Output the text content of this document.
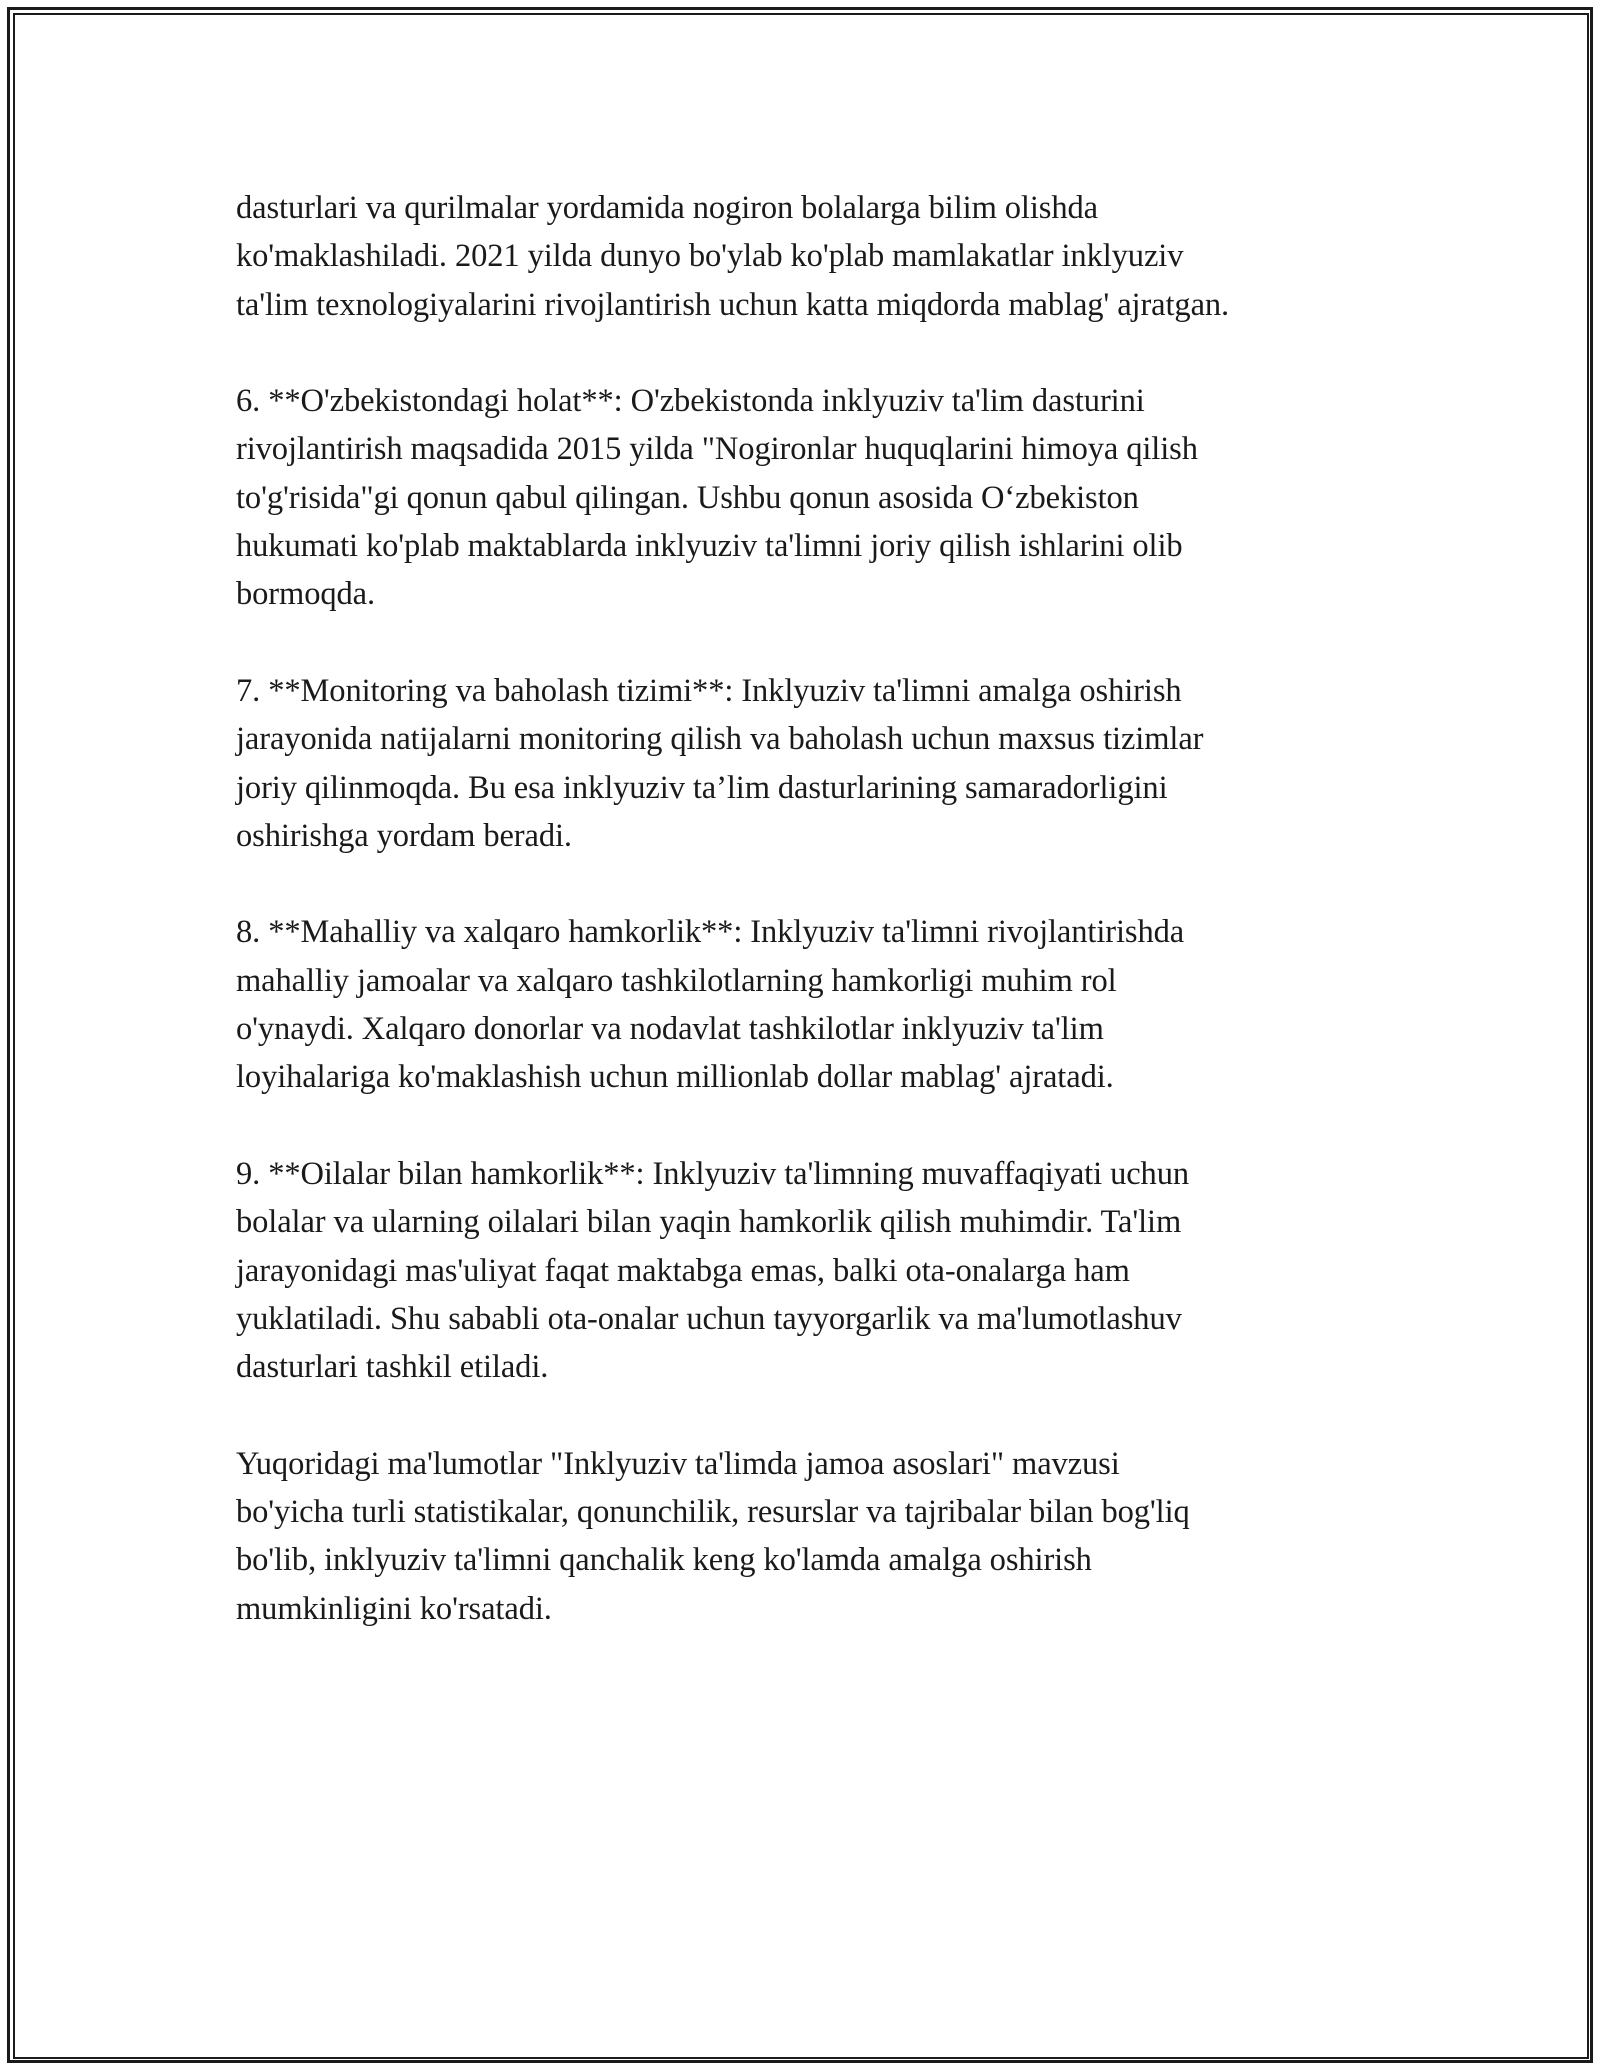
dasturlari va qurilmalar yordamida nogiron bolalarga bilim olishda
ko'maklashiladi. 2021 yilda dunyo bo'ylab ko'plab mamlakatlar inklyuziv
ta'lim texnologiyalarini rivojlantirish uchun katta miqdorda mablag' ajratgan.

6. **O'zbekistondagi holat**: O'zbekistonda inklyuziv ta'lim dasturini
rivojlantirish maqsadida 2015 yilda "Nogironlar huquqlarini himoya qilish
to'g'risida"gi qonun qabul qilingan. Ushbu qonun asosida O‘zbekiston
hukumati ko'plab maktablarda inklyuziv ta'limni joriy qilish ishlarini olib
bormoqda.

7. **Monitoring va baholash tizimi**: Inklyuziv ta'limni amalga oshirish
jarayonida natijalarni monitoring qilish va baholash uchun maxsus tizimlar
joriy qilinmoqda. Bu esa inklyuziv ta’lim dasturlarining samaradorligini
oshirishga yordam beradi.

8. **Mahalliy va xalqaro hamkorlik**: Inklyuziv ta'limni rivojlantirishda
mahalliy jamoalar va xalqaro tashkilotlarning hamkorligi muhim rol
o'ynaydi. Xalqaro donorlar va nodavlat tashkilotlar inklyuziv ta'lim
loyihalariga ko'maklashish uchun millionlab dollar mablag' ajratadi.

9. **Oilalar bilan hamkorlik**: Inklyuziv ta'limning muvaffaqiyati uchun
bolalar va ularning oilalari bilan yaqin hamkorlik qilish muhimdir. Ta'lim
jarayonidagi mas'uliyat faqat maktabga emas, balki ota-onalarga ham
yuklatiladi. Shu sababli ota-onalar uchun tayyorgarlik va ma'lumotlashuv
dasturlari tashkil etiladi.

Yuqoridagi ma'lumotlar "Inklyuziv ta'limda jamoa asoslari" mavzusi
bo'yicha turli statistikalar, qonunchilik, resurslar va tajribalar bilan bog'liq
bo'lib, inklyuziv ta'limni qanchalik keng ko'lamda amalga oshirish
mumkinligini ko'rsatadi.
